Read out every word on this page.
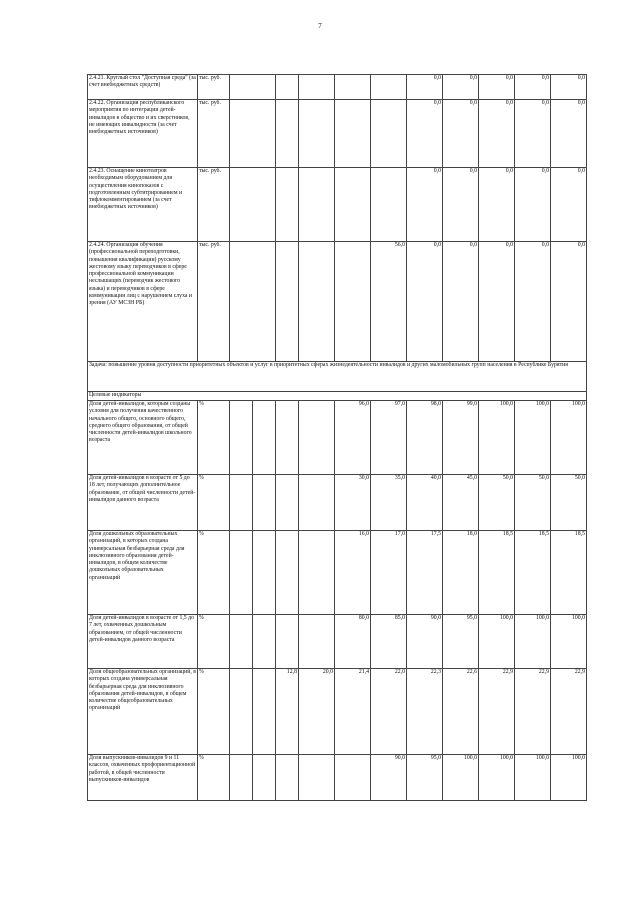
7
2.4.21. Круглый стол "Доступная среда" (за счет внебюджетных средств)	тыс. руб.							0,0	0,0	0,0	0,0	0,0
2.4.22. Организация республиканского мероприятия по интеграции детей-инвалидов в общество и их сверстников, не имеющих инвалидности (за счет внебюджетных источников)	тыс. руб.							0,0	0,0	0,0	0,0	0,0
2.4.23. Оснащение кинотеатров необходимым оборудованием для осуществления кинопоказов с подготовленным субтитрированием и тифлокомментированием (за счет внебюджетных источников)	тыс. руб.							0,0	0,0	0,0	0,0	0,0
2.4.24. Организация обучения (профессиональной переподготовки, повышения квалификации) русскому жестовому языку переводчиков в сфере профессиональной коммуникации неслышащих (переводчик жестового языка) и переводчиков в сфере коммуникации лиц с нарушением слуха и зрения (АУ МСЗН РБ)	тыс. руб.						56,0	0,0	0,0	0,0	0,0	0,0
Задача: повышение уровня доступности приоритетных объектов и услуг в приоритетных сферах жизнедеятельности инвалидов и других маломобильных групп населения в Республике Бурятия												
Целевые индикаторы												
Доля детей-инвалидов, которым созданы условия для получения качественного начального общего, основного общего, среднего общего образования, от общей численности детей-инвалидов школьного возраста	%					96,0	97,0	98,0	99,0	100,0	100,0	100,0
Доля детей-инвалидов в возрасте от 5 до 18 лет, получающих дополнительное образование, от общей численности детей-инвалидов данного возраста	%					30,0	35,0	40,0	45,0	50,0	50,0	50,0
Доля дошкольных образовательных организаций, в которых создана универсальная безбарьерная среда для инклюзивного образования детей-инвалидов, в общем количестве дошкольных образовательных организаций	%					16,0	17,0	17,5	18,0	18,5	18,5	18,5
Доля детей-инвалидов в возрасте от 1,5 до 7 лет, охваченных дошкольным образованием, от общей численности детей-инвалидов данного возраста	%					80,0	85,0	90,0	95,0	100,0	100,0	100,0
Доля общеобразовательных организаций, в которых создана универсальная безбарьерная среда для инклюзивного образования детей-инвалидов, в общем количестве общеобразовательных организаций	%			12,8	20,0	21,4	22,0	22,3	22,6	22,9	22,9	22,9
Доля выпускников-инвалидов 9 и 11 классов, охваченных профориентационной работой, в общей численности выпускников-инвалидов	%						90,0	95,0	100,0	100,0	100,0	100,0
